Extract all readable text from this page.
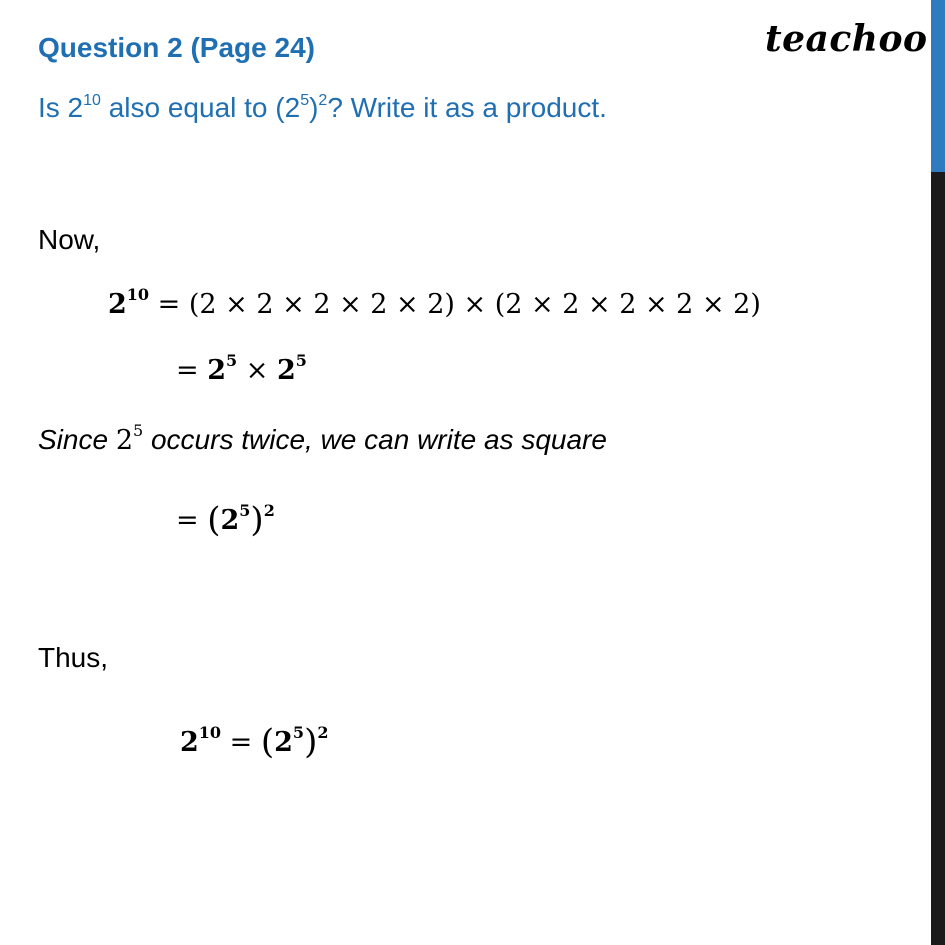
Question 2 (Page 24)	teachoo
Is $2^{10}$ also equal to $(2^5)^2$? Write it as a product.
Now,
$2^{10} = (2 \times 2 \times 2 \times 2 \times 2) \times (2 \times 2 \times 2 \times 2 \times 2)$
= $2^5 \times 2^5$
Since $2^5$ occurs twice, we can write as square
= $(2^5)^2$
Thus,
$2^{10} = (2^5)^2$
